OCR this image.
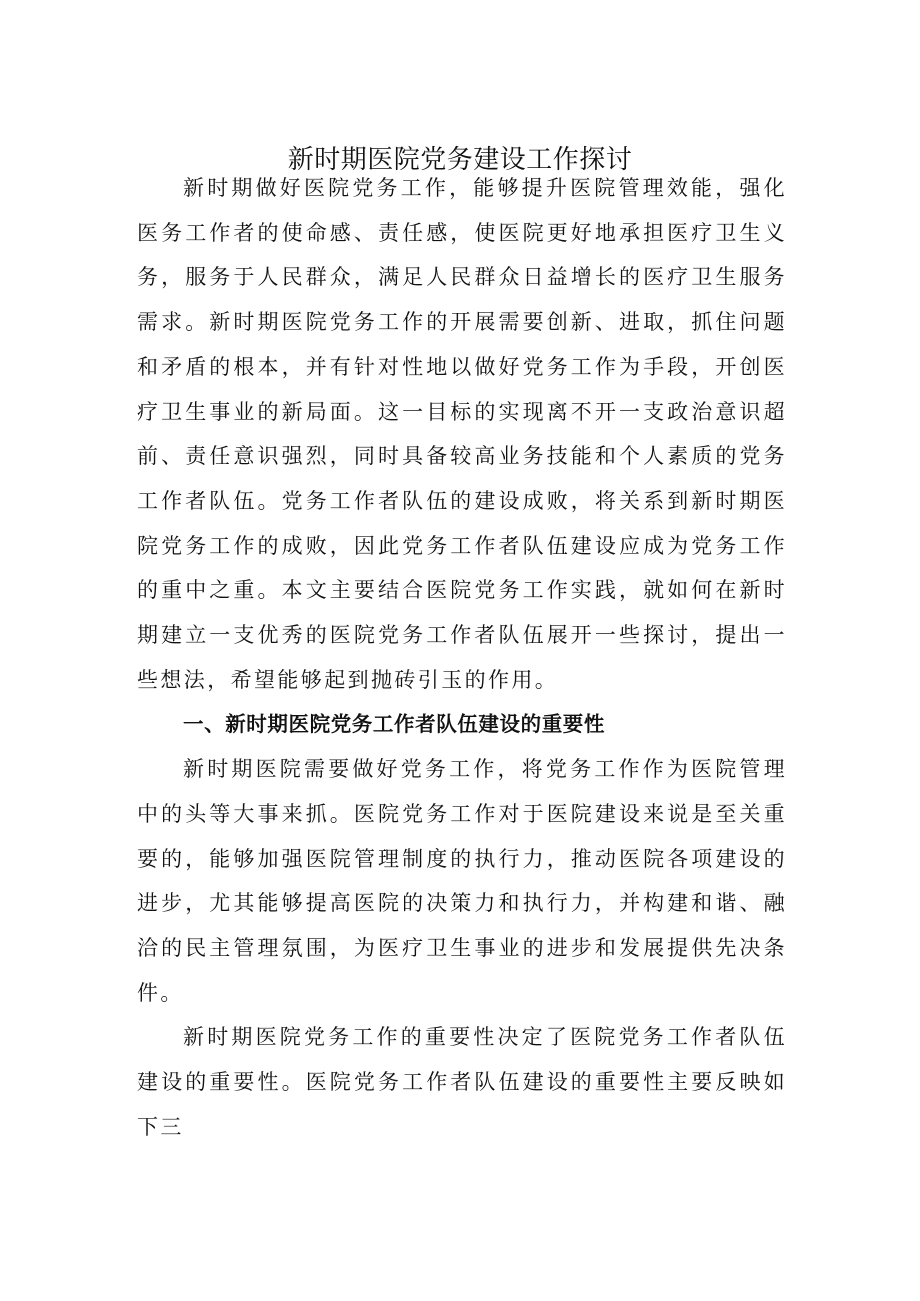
新时期医院党务建设工作探讨

新时期做好医院党务工作，能够提升医院管理效能，强化医务工作者的使命感、责任感，使医院更好地承担医疗卫生义务，服务于人民群众，满足人民群众日益增长的医疗卫生服务需求。新时期医院党务工作的开展需要创新、进取，抓住问题和矛盾的根本，并有针对性地以做好党务工作为手段，开创医疗卫生事业的新局面。这一目标的实现离不开一支政治意识超前、责任意识强烈，同时具备较高业务技能和个人素质的党务工作者队伍。党务工作者队伍的建设成败，将关系到新时期医院党务工作的成败，因此党务工作者队伍建设应成为党务工作的重中之重。本文主要结合医院党务工作实践，就如何在新时期建立一支优秀的医院党务工作者队伍展开一些探讨，提出一些想法，希望能够起到抛砖引玉的作用。

一、新时期医院党务工作者队伍建设的重要性

新时期医院需要做好党务工作，将党务工作作为医院管理中的头等大事来抓。医院党务工作对于医院建设来说是至关重要的，能够加强医院管理制度的执行力，推动医院各项建设的进步，尤其能够提高医院的决策力和执行力，并构建和谐、融洽的民主管理氛围，为医疗卫生事业的进步和发展提供先决条件。

新时期医院党务工作的重要性决定了医院党务工作者队伍建设的重要性。医院党务工作者队伍建设的重要性主要反映如下三
